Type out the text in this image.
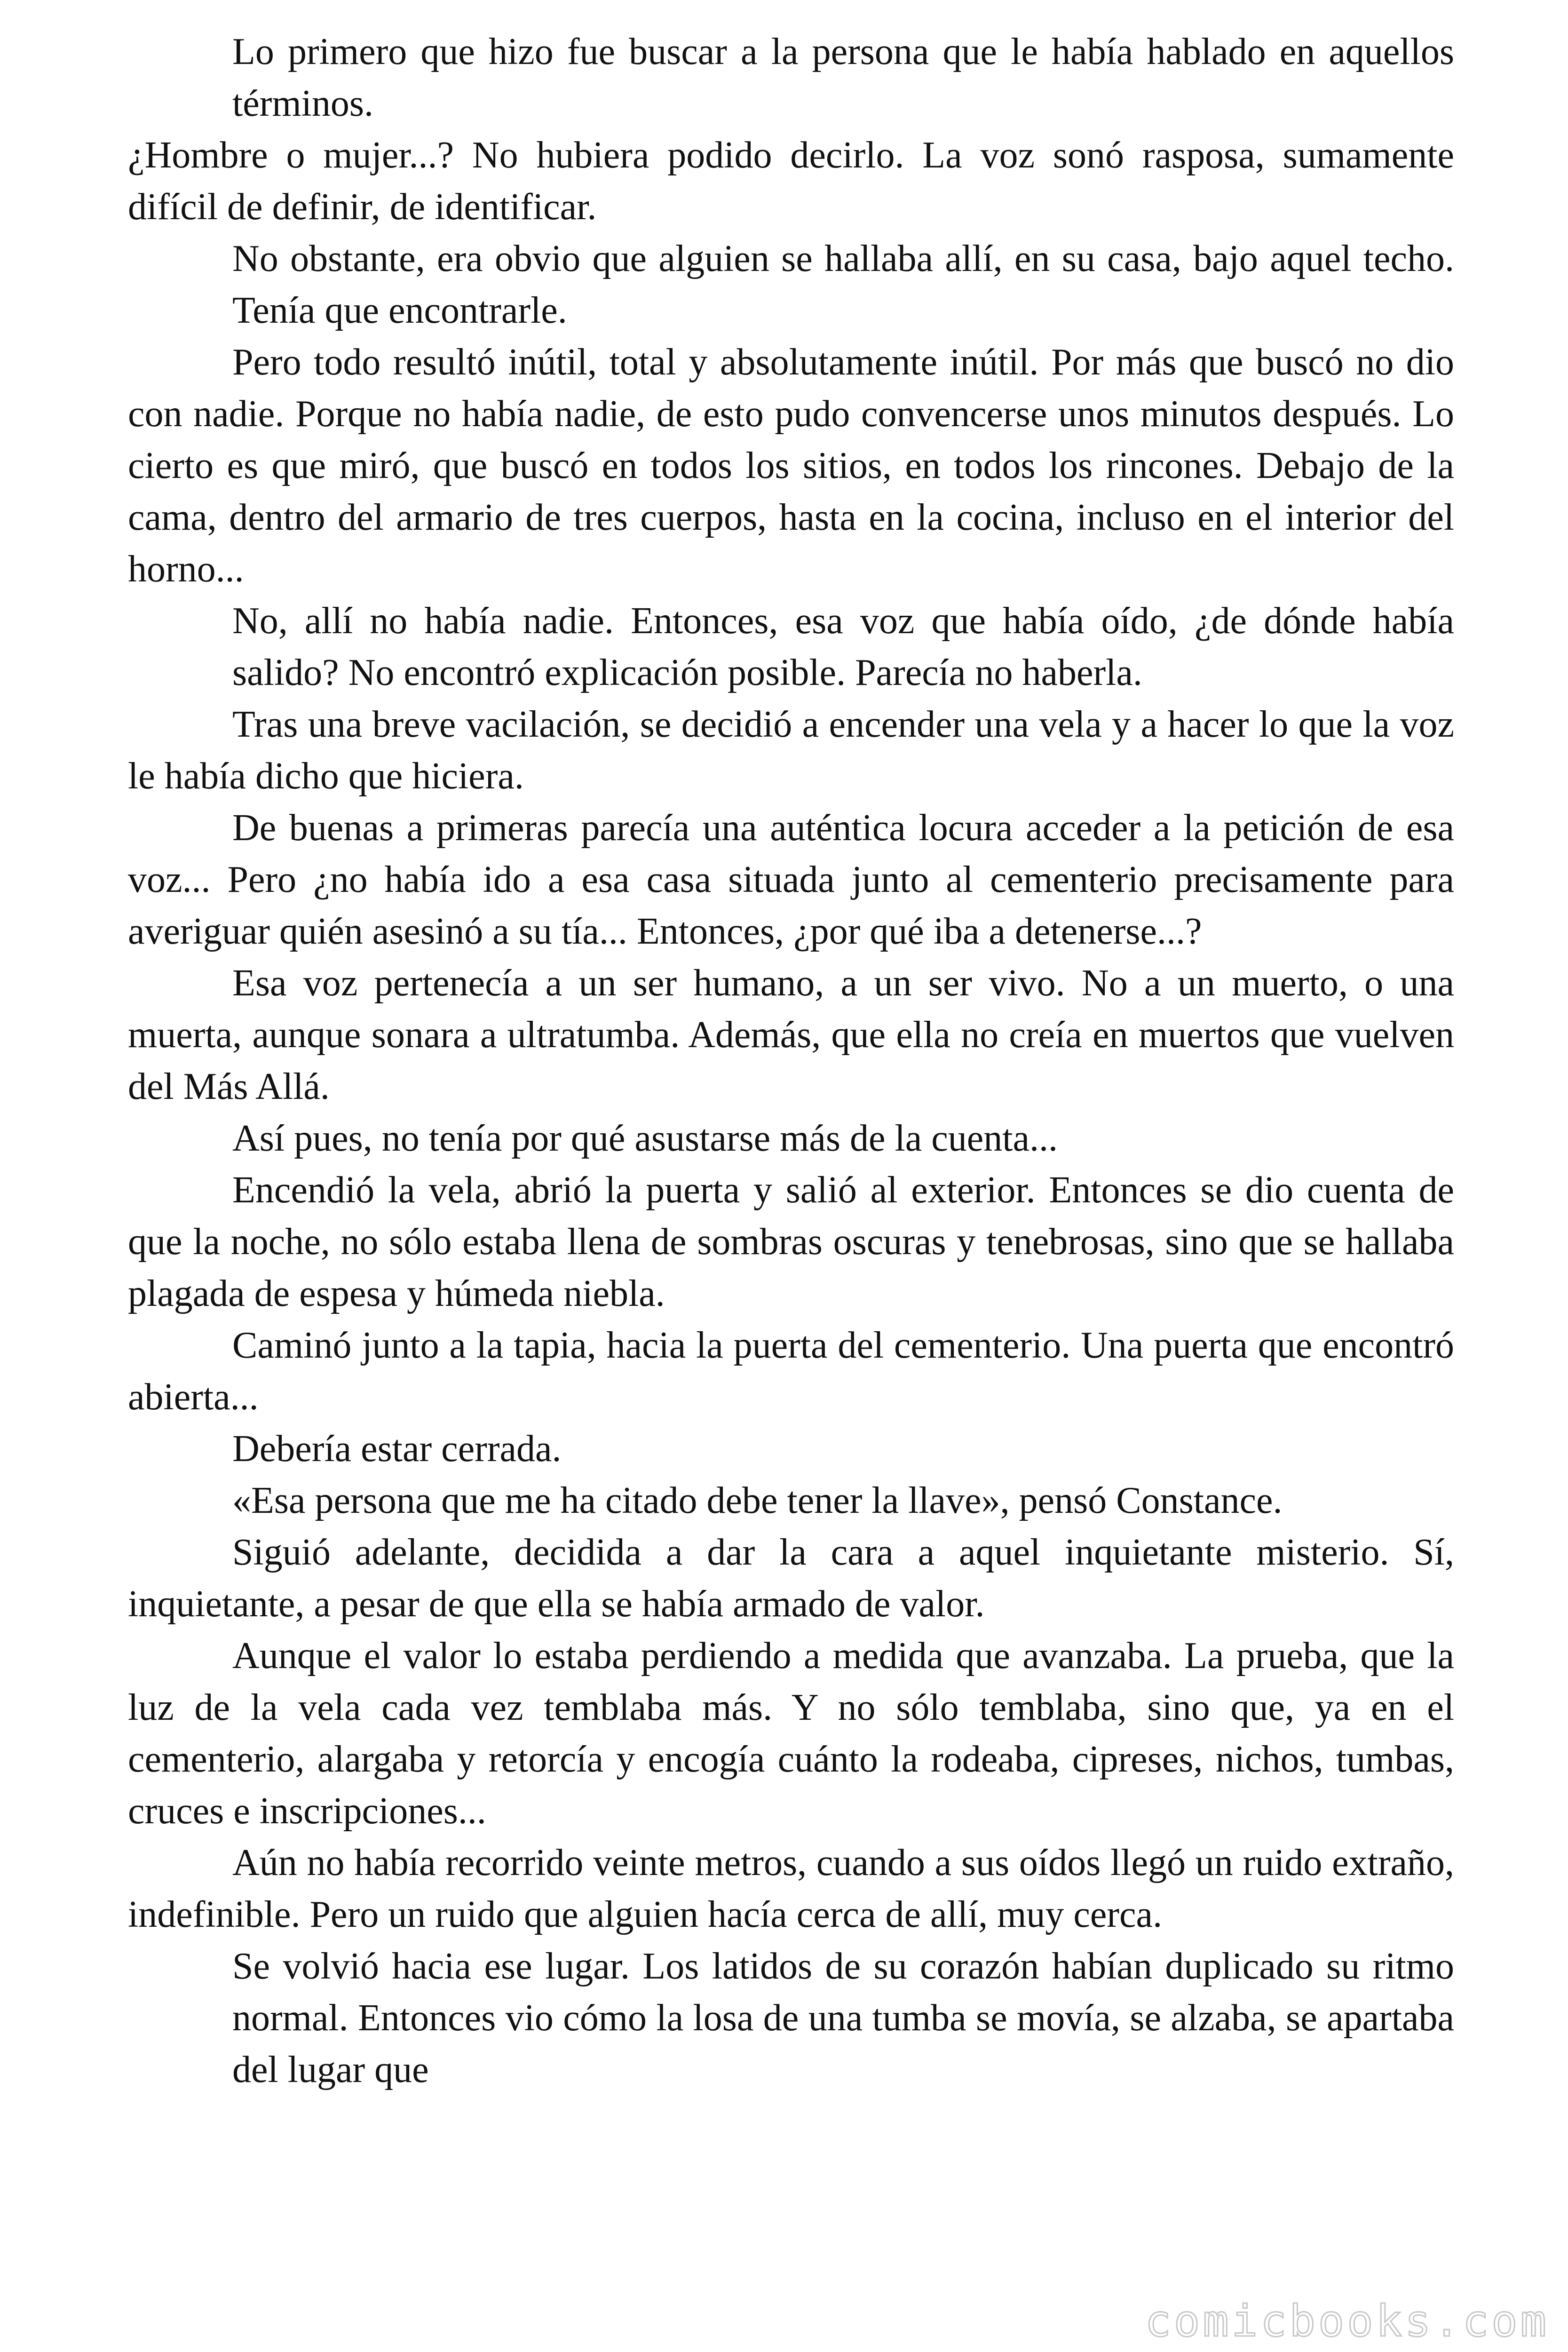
Lo primero que hizo fue buscar a la persona que le había hablado en aquellos términos.

¿Hombre o mujer...? No hubiera podido decirlo. La voz sonó rasposa, sumamente difícil de definir, de identificar.

No obstante, era obvio que alguien se hallaba allí, en su casa, bajo aquel techo. Tenía que encontrarle.

Pero todo resultó inútil, total y absolutamente inútil. Por más que buscó no dio con nadie. Porque no había nadie, de esto pudo convencerse unos minutos después. Lo cierto es que miró, que buscó en todos los sitios, en todos los rincones. Debajo de la cama, dentro del armario de tres cuerpos, hasta en la cocina, incluso en el interior del horno...

No, allí no había nadie. Entonces, esa voz que había oído, ¿de dónde había salido? No encontró explicación posible. Parecía no haberla.

Tras una breve vacilación, se decidió a encender una vela y a hacer lo que la voz le había dicho que hiciera.

De buenas a primeras parecía una auténtica locura acceder a la petición de esa voz... Pero ¿no había ido a esa casa situada junto al cementerio precisamente para averiguar quién asesinó a su tía... Entonces, ¿por qué iba a detenerse...?

Esa voz pertenecía a un ser humano, a un ser vivo. No a un muerto, o una muerta, aunque sonara a ultratumba. Además, que ella no creía en muertos que vuelven del Más Allá.

Así pues, no tenía por qué asustarse más de la cuenta...

Encendió la vela, abrió la puerta y salió al exterior. Entonces se dio cuenta de que la noche, no sólo estaba llena de sombras oscuras y tenebrosas, sino que se hallaba plagada de espesa y húmeda niebla.

Caminó junto a la tapia, hacia la puerta del cementerio. Una puerta que encontró abierta...

Debería estar cerrada.

«Esa persona que me ha citado debe tener la llave», pensó Constance.

Siguió adelante, decidida a dar la cara a aquel inquietante misterio. Sí, inquietante, a pesar de que ella se había armado de valor.

Aunque el valor lo estaba perdiendo a medida que avanzaba. La prueba, que la luz de la vela cada vez temblaba más. Y no sólo temblaba, sino que, ya en el cementerio, alargaba y retorcía y encogía cuánto la rodeaba, cipreses, nichos, tumbas, cruces e inscripciones...

Aún no había recorrido veinte metros, cuando a sus oídos llegó un ruido extraño, indefinible. Pero un ruido que alguien hacía cerca de allí, muy cerca.

Se volvió hacia ese lugar. Los latidos de su corazón habían duplicado su ritmo normal. Entonces vio cómo la losa de una tumba se movía, se alzaba, se apartaba del lugar que

comicbooks.com
